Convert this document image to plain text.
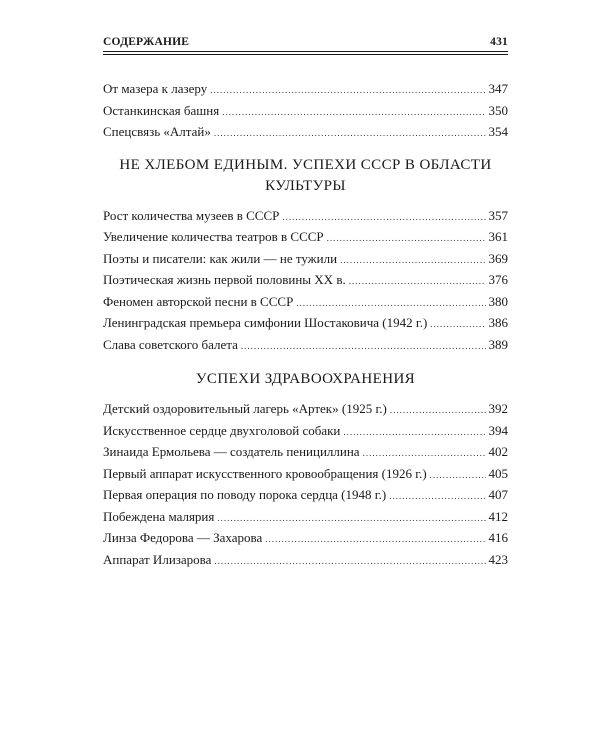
СОДЕРЖАНИЕ	431
От мазера к лазеру .....	347
Останкинская башня .....	350
Спецсвязь «Алтай» .....	354
НЕ ХЛЕБОМ ЕДИНЫМ. УСПЕХИ СССР В ОБЛАСТИ КУЛЬТУРЫ
Рост количества музеев в СССР .....	357
Увеличение количества театров в СССР .....	361
Поэты и писатели: как жили — не тужили .....	369
Поэтическая жизнь первой половины XX в. .....	376
Феномен авторской песни в СССР .....	380
Ленинградская премьера симфонии Шостаковича (1942 г.) .....	386
Слава советского балета .....	389
УСПЕХИ ЗДРАВООХРАНЕНИЯ
Детский оздоровительный лагерь «Артек» (1925 г.) .....	392
Искусственное сердце двухголовой собаки .....	394
Зинаида Ермольева — создатель пенициллина .....	402
Первый аппарат искусственного кровообращения (1926 г.) .....	405
Первая операция по поводу порока сердца (1948 г.) .....	407
Побеждена малярия .....	412
Линза Федорова — Захарова .....	416
Аппарат Илизарова .....	423
